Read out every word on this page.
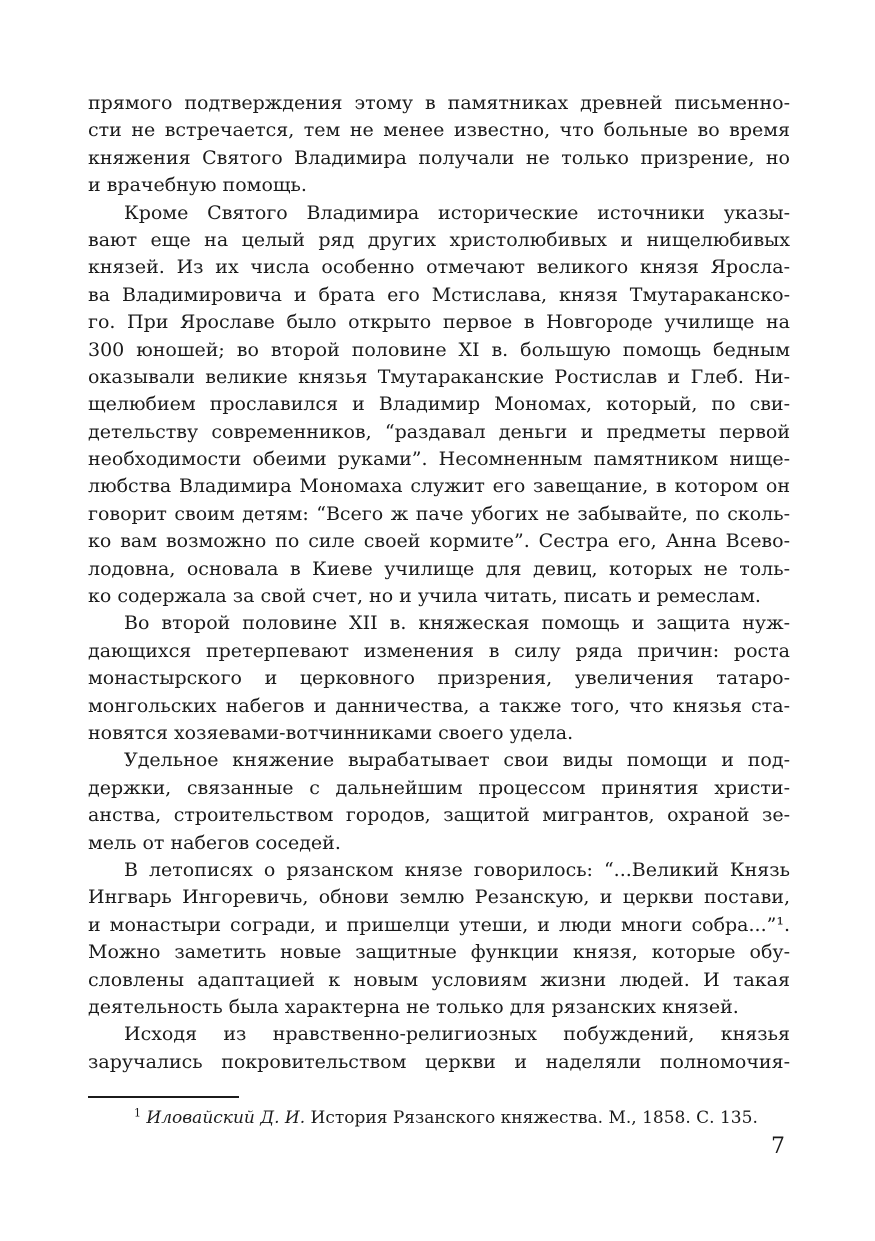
прямого подтверждения этому в памятниках древней письменно-
сти не встречается, тем не менее известно, что больные во время
княжения Святого Владимира получали не только призрение, но
и врачебную помощь.
Кроме Святого Владимира исторические источники указы-
вают еще на целый ряд других христолюбивых и нищелюбивых
князей. Из их числа особенно отмечают великого князя Яросла-
ва Владимировича и брата его Мстислава, князя Тмутараканско-
го. При Ярославе было открыто первое в Новгороде училище на
300 юношей; во второй половине XI в. большую помощь бедным
оказывали великие князья Тмутараканские Ростислав и Глеб. Ни-
щелюбием прославился и Владимир Мономах, который, по сви-
детельству современников, “раздавал деньги и предметы первой
необходимости обеими руками”. Несомненным памятником нище-
любства Владимира Мономаха служит его завещание, в котором он
говорит своим детям: “Всего ж паче убогих не забывайте, по сколь-
ко вам возможно по силе своей кормите”. Сестра его, Анна Всево-
лодовна, основала в Киеве училище для девиц, которых не толь-
ко содержала за свой счет, но и учила читать, писать и ремеслам.
Во второй половине XII в. княжеская помощь и защита нуж-
дающихся претерпевают изменения в силу ряда причин: роста
монастырского и церковного призрения, увеличения татаро-
монгольских набегов и данничества, а также того, что князья ста-
новятся хозяевами-вотчинниками своего удела.
Удельное княжение вырабатывает свои виды помощи и под-
держки, связанные с дальнейшим процессом принятия христи-
анства, строительством городов, защитой мигрантов, охраной зе-
мель от набегов соседей.
В летописях о рязанском князе говорилось: “...Великий Князь
Ингварь Ингоревичь, обнови землю Резанскую, и церкви постави,
и монастыри согради, и пришелци утеши, и люди многи собра...”¹.
Можно заметить новые защитные функции князя, которые обу-
словлены адаптацией к новым условиям жизни людей. И такая
деятельность была характерна не только для рязанских князей.
Исходя из нравственно-религиозных побуждений, князья
заручались покровительством церкви и наделяли полномочия-
$^1$ Иловайский Д. И. История Рязанского княжества. М., 1858. С. 135.
7
